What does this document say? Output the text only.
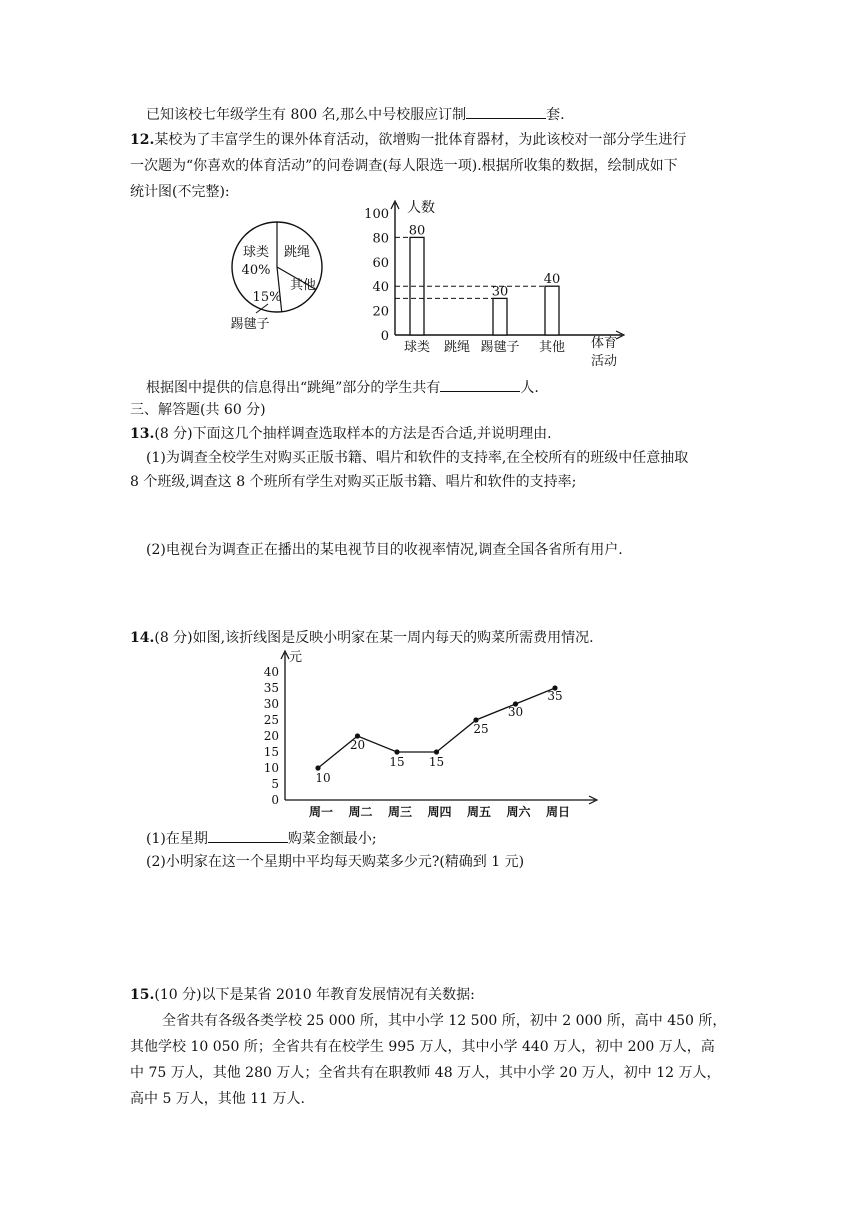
已知该校七年级学生有 800 名,那么中号校服应订制	套.
12.某校为了丰富学生的课外体育活动，欲增购一批体育器材，为此该校对一部分学生进行
一次题为“你喜欢的体育活动”的问卷调查(每人限选一项).根据所收集的数据，绘制成如下
统计图(不完整):
球类
40%
跳绳
其他
踢毽子
15%
0
20
40
60
80
100 人数
体育
活动
球类
80
跳绳 踢毽子
30
其他
40
根据图中提供的信息得出“跳绳”部分的学生共有	人.
三、解答题(共 60 分)
13.(8 分)下面这几个抽样调查选取样本的方法是否合适,并说明理由.
(1)为调查全校学生对购买正版书籍、唱片和软件的支持率,在全校所有的班级中任意抽取
8 个班级,调查这 8 个班所有学生对购买正版书籍、唱片和软件的支持率;
(2)电视台为调查正在播出的某电视节目的收视率情况,调查全国各省所有用户.
14.(8 分)如图,该折线图是反映小明家在某一周内每天的购菜所需费用情况.
元
0
5
10
15
20
25
30
35
40
周一
10
周二
20
周三
15
周四
15
周五
25
周六
30
周日
35
(1)在星期	购菜金额最小;
(2)小明家在这一个星期中平均每天购菜多少元?(精确到 1 元)
15.(10 分)以下是某省 2010 年教育发展情况有关数据:
全省共有各级各类学校 25 000 所，其中小学 12 500 所，初中 2 000 所，高中 450 所，
其他学校 10 050 所；全省共有在校学生 995 万人，其中小学 440 万人，初中 200 万人，高
中 75 万人，其他 280 万人；全省共有在职教师 48 万人，其中小学 20 万人，初中 12 万人，
高中 5 万人，其他 11 万人.
